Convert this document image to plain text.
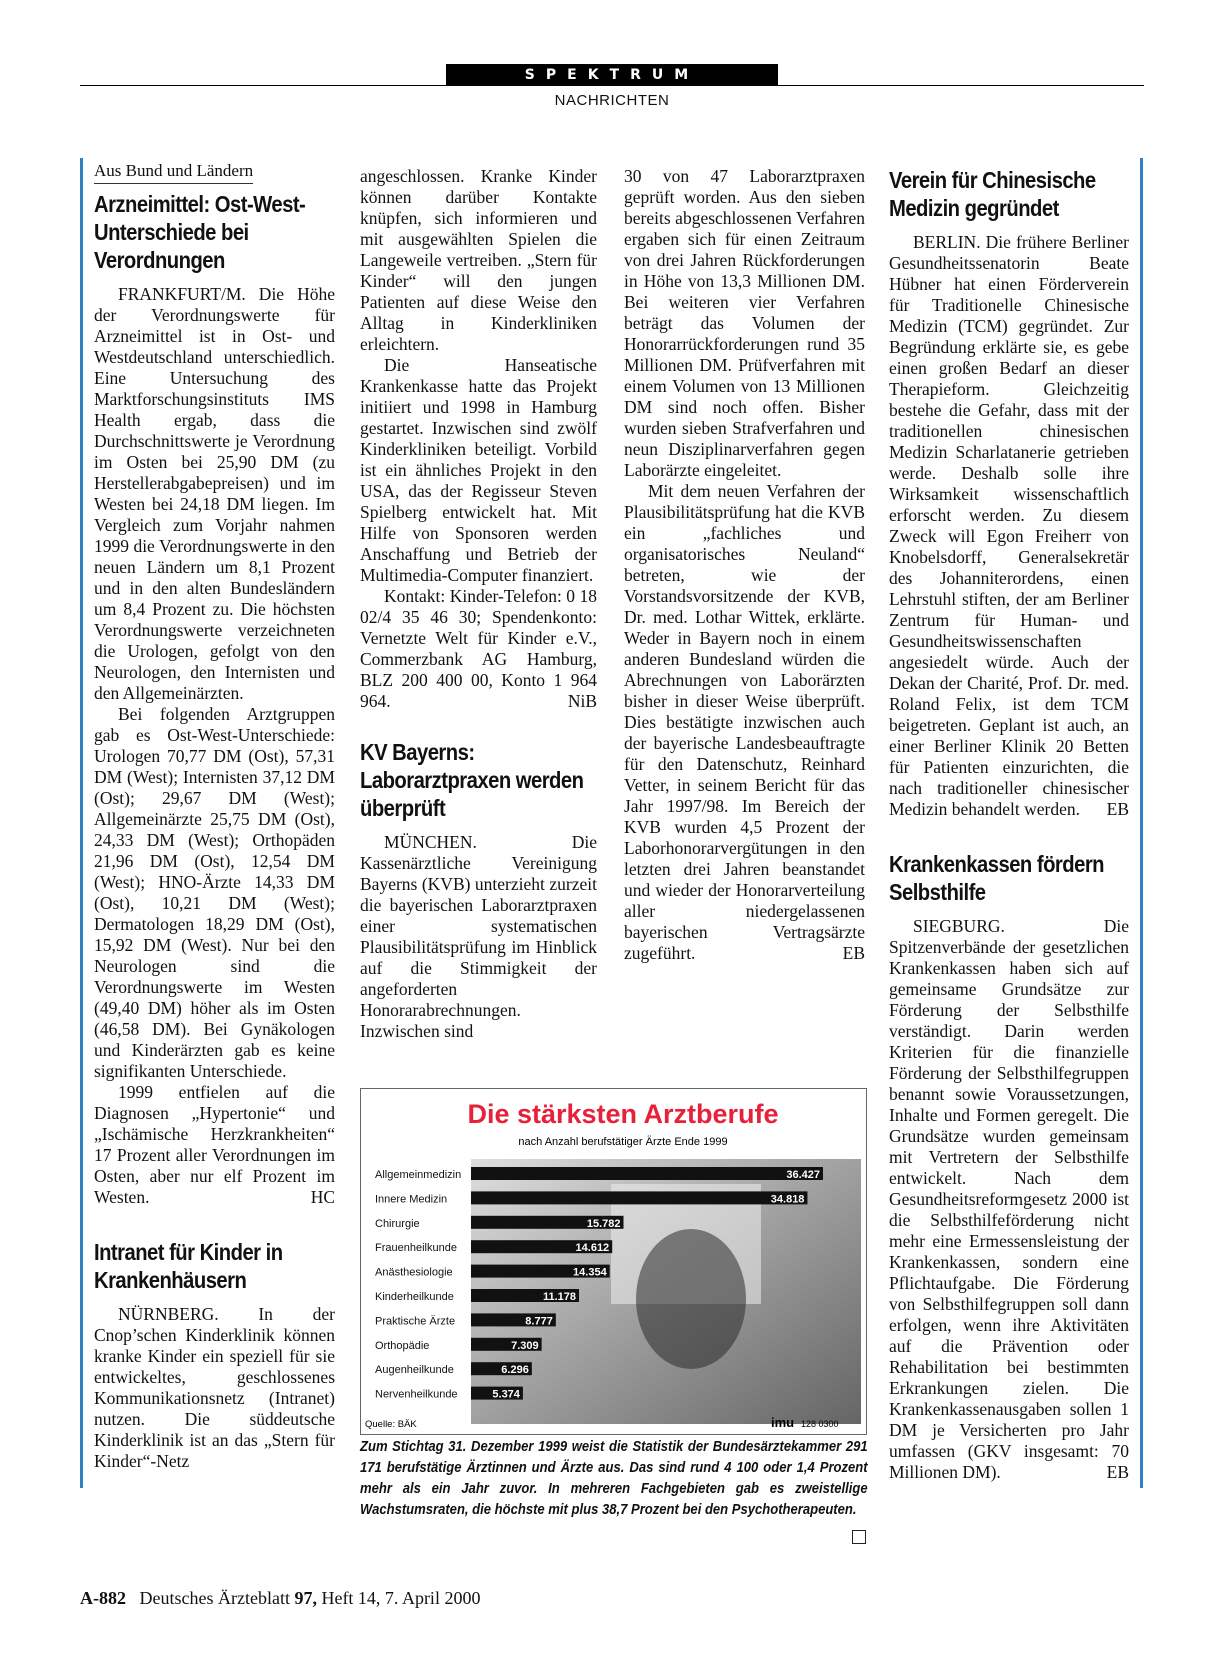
SPEKTRUM
NACHRICHTEN
Aus Bund und Ländern
Arzneimittel: Ost-West-Unterschiede bei Verordnungen

FRANKFURT/M. Die Höhe der Verordnungswerte für Arzneimittel ist in Ost- und Westdeutschland unterschiedlich. Eine Untersuchung des Marktforschungsinstituts IMS Health ergab, dass die Durchschnittswerte je Verordnung im Osten bei 25,90 DM (zu Herstellerabgabepreisen) und im Westen bei 24,18 DM liegen. Im Vergleich zum Vorjahr nahmen 1999 die Verordnungswerte in den neuen Ländern um 8,1 Prozent und in den alten Bundesländern um 8,4 Prozent zu. Die höchsten Verordnungswerte verzeichneten die Urologen, gefolgt von den Neurologen, den Internisten und den Allgemeinärzten.

Bei folgenden Arztgruppen gab es Ost-West-Unterschiede: Urologen 70,77 DM (Ost), 57,31 DM (West); Internisten 37,12 DM (Ost); 29,67 DM (West); Allgemeinärzte 25,75 DM (Ost), 24,33 DM (West); Orthopäden 21,96 DM (Ost), 12,54 DM (West); HNO-Ärzte 14,33 DM (Ost), 10,21 DM (West); Dermatologen 18,29 DM (Ost), 15,92 DM (West). Nur bei den Neurologen sind die Verordnungswerte im Westen (49,40 DM) höher als im Osten (46,58 DM). Bei Gynäkologen und Kinderärzten gab es keine signifikanten Unterschiede.

1999 entfielen auf die Diagnosen „Hypertonie“ und „Ischämische Herzkrankheiten“ 17 Prozent aller Verordnungen im Osten, aber nur elf Prozent im Westen.	HC

Intranet für Kinder in Krankenhäusern

NÜRNBERG. In der Cnop’schen Kinderklinik können kranke Kinder ein speziell für sie entwickeltes, geschlossenes Kommunikationsnetz (Intranet) nutzen. Die süddeutsche Kinderklinik ist an das „Stern für Kinder“-Netz

angeschlossen. Kranke Kinder können darüber Kontakte knüpfen, sich informieren und mit ausgewählten Spielen die Langeweile vertreiben. „Stern für Kinder“ will den jungen Patienten auf diese Weise den Alltag in Kinderkliniken erleichtern.

Die Hanseatische Krankenkasse hatte das Projekt initiiert und 1998 in Hamburg gestartet. Inzwischen sind zwölf Kinderkliniken beteiligt. Vorbild ist ein ähnliches Projekt in den USA, das der Regisseur Steven Spielberg entwickelt hat. Mit Hilfe von Sponsoren werden Anschaffung und Betrieb der Multimedia-Computer finanziert.

Kontakt: Kinder-Telefon: 0 18 02/4 35 46 30; Spendenkonto: Vernetzte Welt für Kinder e.V., Commerzbank AG Hamburg, BLZ 200 400 00, Konto 1 964 964.	NiB

KV Bayerns: Laborarztpraxen werden überprüft

MÜNCHEN. Die Kassenärztliche Vereinigung Bayerns (KVB) unterzieht zurzeit die bayerischen Laborarztpraxen einer systematischen Plausibilitätsprüfung im Hinblick auf die Stimmigkeit der angeforderten Honorarabrechnungen. Inzwischen sind

30 von 47 Laborarztpraxen geprüft worden. Aus den sieben bereits abgeschlossenen Verfahren ergaben sich für einen Zeitraum von drei Jahren Rückforderungen in Höhe von 13,3 Millionen DM. Bei weiteren vier Verfahren beträgt das Volumen der Honorarrückforderungen rund 35 Millionen DM. Prüfverfahren mit einem Volumen von 13 Millionen DM sind noch offen. Bisher wurden sieben Strafverfahren und neun Disziplinarverfahren gegen Laborärzte eingeleitet.

Mit dem neuen Verfahren der Plausibilitätsprüfung hat die KVB ein „fachliches und organisatorisches Neuland“ betreten, wie der Vorstandsvorsitzende der KVB, Dr. med. Lothar Wittek, erklärte. Weder in Bayern noch in einem anderen Bundesland würden die Abrechnungen von Laborärzten bisher in dieser Weise überprüft. Dies bestätigte inzwischen auch der bayerische Landesbeauftragte für den Datenschutz, Reinhard Vetter, in seinem Bericht für das Jahr 1997/98. Im Bereich der KVB wurden 4,5 Prozent der Laborhonorarvergütungen in den letzten drei Jahren beanstandet und wieder der Honorarverteilung aller niedergelassenen bayerischen Vertragsärzte zugeführt.	EB

Verein für Chinesische Medizin gegründet

BERLIN. Die frühere Berliner Gesundheitssenatorin Beate Hübner hat einen Förderverein für Traditionelle Chinesische Medizin (TCM) gegründet. Zur Begründung erklärte sie, es gebe einen großen Bedarf an dieser Therapieform. Gleichzeitig bestehe die Gefahr, dass mit der traditionellen chinesischen Medizin Scharlatanerie getrieben werde. Deshalb solle ihre Wirksamkeit wissenschaftlich erforscht werden. Zu diesem Zweck will Egon Freiherr von Knobelsdorff, Generalsekretär des Johanniterordens, einen Lehrstuhl stiften, der am Berliner Zentrum für Human- und Gesundheitswissenschaften angesiedelt würde. Auch der Dekan der Charité, Prof. Dr. med. Roland Felix, ist dem TCM beigetreten. Geplant ist auch, an einer Berliner Klinik 20 Betten für Patienten einzurichten, die nach traditioneller chinesischer Medizin behandelt werden.	EB

Krankenkassen fördern Selbsthilfe

SIEGBURG. Die Spitzenverbände der gesetzlichen Krankenkassen haben sich auf gemeinsame Grundsätze zur Förderung der Selbsthilfe verständigt. Darin werden Kriterien für die finanzielle Förderung der Selbsthilfegruppen benannt sowie Voraussetzungen, Inhalte und Formen geregelt. Die Grundsätze wurden gemeinsam mit Vertretern der Selbsthilfe entwickelt. Nach dem Gesundheitsreformgesetz 2000 ist die Selbsthilfeförderung nicht mehr eine Ermessensleistung der Krankenkassen, sondern eine Pflichtaufgabe. Die Förderung von Selbsthilfegruppen soll dann erfolgen, wenn ihre Aktivitäten auf die Prävention oder Rehabilitation bei bestimmten Erkrankungen zielen. Die Krankenkassenausgaben sollen 1 DM je Versicherten pro Jahr umfassen (GKV insgesamt: 70 Millionen DM).	EB

Die stärksten Arztberufe
nach Anzahl berufstätiger Ärzte Ende 1999
Allgemeinmedizin	36.427
Innere Medizin	34.818
Chirurgie	15.782
Frauenheilkunde	14.612
Anästhesiologie	14.354
Kinderheilkunde	11.178
Praktische Ärzte	8.777
Orthopädie	7.309
Augenheilkunde	6.296
Nervenheilkunde	5.374
Quelle: BÄK	imu 128 0300
Zum Stichtag 31. Dezember 1999 weist die Statistik der Bundesärztekammer 291 171 berufstätige Ärztinnen und Ärzte aus. Das sind rund 4 100 oder 1,4 Prozent mehr als ein Jahr zuvor. In mehreren Fachgebieten gab es zweistellige Wachstumsraten, die höchste mit plus 38,7 Prozent bei den Psychotherapeuten.
A-882 Deutsches Ärzteblatt 97, Heft 14, 7. April 2000
